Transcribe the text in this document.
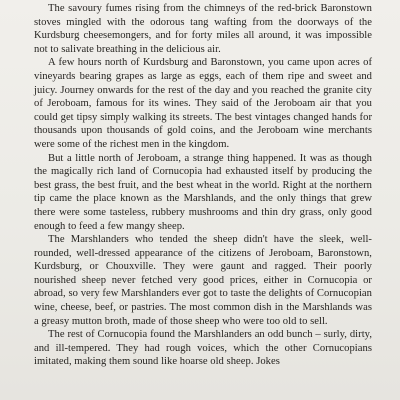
The savoury fumes rising from the chimneys of the red-brick Baronstown stoves mingled with the odorous tang wafting from the doorways of the Kurdsburg cheesemongers, and for forty miles all around, it was impossible not to salivate breathing in the delicious air.

A few hours north of Kurdsburg and Baronstown, you came upon acres of vineyards bearing grapes as large as eggs, each of them ripe and sweet and juicy. Journey onwards for the rest of the day and you reached the granite city of Jeroboam, famous for its wines. They said of the Jeroboam air that you could get tipsy simply walking its streets. The best vintages changed hands for thousands upon thousands of gold coins, and the Jeroboam wine merchants were some of the richest men in the kingdom.

But a little north of Jeroboam, a strange thing happened. It was as though the magically rich land of Cornucopia had exhausted itself by producing the best grass, the best fruit, and the best wheat in the world. Right at the northern tip came the place known as the Marshlands, and the only things that grew there were some tasteless, rubbery mushrooms and thin dry grass, only good enough to feed a few mangy sheep.

The Marshlanders who tended the sheep didn't have the sleek, well-rounded, well-dressed appearance of the citizens of Jeroboam, Baronstown, Kurdsburg, or Chouxville. They were gaunt and ragged. Their poorly nourished sheep never fetched very good prices, either in Cornucopia or abroad, so very few Marshlanders ever got to taste the delights of Cornucopian wine, cheese, beef, or pastries. The most common dish in the Marshlands was a greasy mutton broth, made of those sheep who were too old to sell.

The rest of Cornucopia found the Marshlanders an odd bunch – surly, dirty, and ill-tempered. They had rough voices, which the other Cornucopians imitated, making them sound like hoarse old sheep. Jokes
